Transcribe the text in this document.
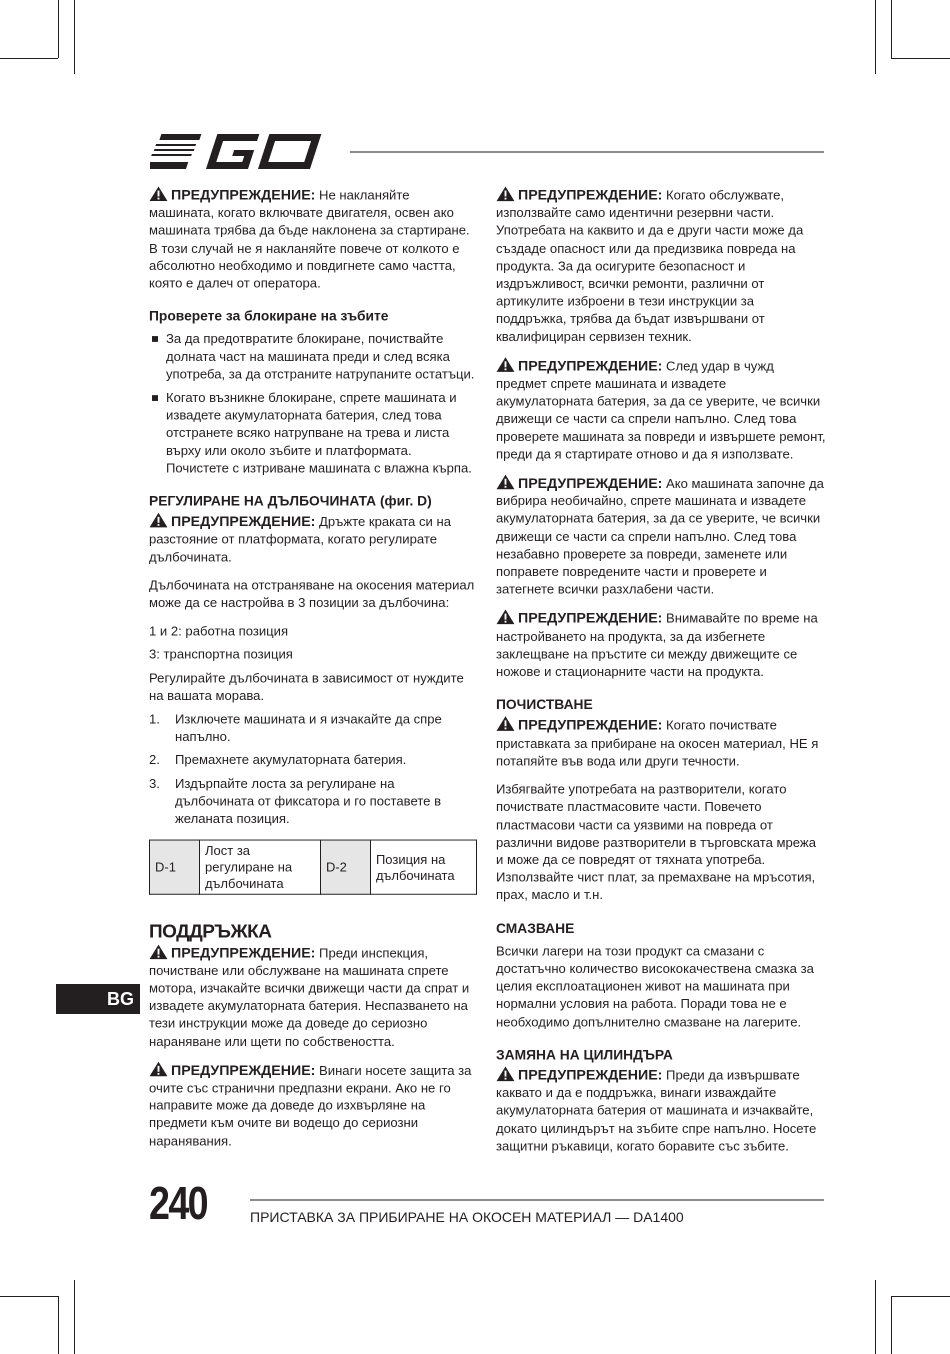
ПРЕДУПРЕЖДЕНИЕ: Не накланяйте машината, когато включвате двигателя, освен ако машината трябва да бъде наклонена за стартиране. В този случай не я накланяйте повече от колкото е абсолютно необходимо и повдигнете само частта, която е далеч от оператора.

Проверете за блокиране на зъбите
За да предотвратите блокиране, почиствайте долната част на машината преди и след всяка употреба, за да отстраните натрупаните остатъци.
Когато възникне блокиране, спрете машината и извадете акумулаторната батерия, след това отстранете всяко натрупване на трева и листа върху или около зъбите и платформата. Почистете с изтриване машината с влажна кърпа.
РЕГУЛИРАНЕ НА ДЪЛБОЧИНАТА (фиг. D)

ПРЕДУПРЕЖДЕНИЕ: Дръжте краката си на разстояние от платформата, когато регулирате дълбочината.

Дълбочината на отстраняване на окосения материал може да се настройва в 3 позиции за дълбочина:

1 и 2: работна позиция

3: транспортна позиция

Регулирайте дълбочината в зависимост от нуждите на вашата морава.

1. Изключете машината и я изчакайте да спре напълно.
2. Премахнете акумулаторната батерия.
3. Издърпайте лоста за регулиране на дълбочината от фиксатора и го поставете в желаната позиция.
D-1	Лост за регулиране на дълбочината	D-2	Позиция на дълбочината
ПОДДРЪЖКА

ПРЕДУПРЕЖДЕНИЕ: Преди инспекция, почистване или обслужване на машината спрете мотора, изчакайте всички движещи части да спрат и извадете акумулаторната батерия. Неспазването на тези инструкции може да доведе до сериозно нараняване или щети по собствеността.

ПРЕДУПРЕЖДЕНИЕ: Винаги носете защита за очите със странични предпазни екрани. Ако не го направите може да доведе до изхвърляне на предмети към очите ви водещо до сериозни наранявания.

ПРЕДУПРЕЖДЕНИЕ: Когато обслужвате, използвайте само идентични резервни части. Употребата на каквито и да е други части може да създаде опасност или да предизвика повреда на продукта. За да осигурите безопасност и издръжливост, всички ремонти, различни от артикулите изброени в тези инструкции за поддръжка, трябва да бъдат извършвани от квалифициран сервизен техник.

ПРЕДУПРЕЖДЕНИЕ: След удар в чужд предмет спрете машината и извадете акумулаторната батерия, за да се уверите, че всички движещи се части са спрели напълно. След това проверете машината за повреди и извършете ремонт, преди да я стартирате отново и да я използвате.

ПРЕДУПРЕЖДЕНИЕ: Ако машината започне да вибрира необичайно, спрете машината и извадете акумулаторната батерия, за да се уверите, че всички движещи се части са спрели напълно. След това незабавно проверете за повреди, заменете или поправете повредените части и проверете и затегнете всички разхлабени части.

ПРЕДУПРЕЖДЕНИЕ: Внимавайте по време на настройването на продукта, за да избегнете заклещване на пръстите си между движещите се ножове и стационарните части на продукта.

ПОЧИСТВАНЕ

ПРЕДУПРЕЖДЕНИЕ: Когато почиствате приставката за прибиране на окосен материал, НЕ я потапяйте във вода или други течности.

Избягвайте употребата на разтворители, когато почиствате пластмасовите части. Повечето пластмасови части са уязвими на повреда от различни видове разтворители в търговската мрежа и може да се повредят от тяхната употреба. Използвайте чист плат, за премахване на мръсотия, прах, масло и т.н.

СМАЗВАНЕ

Всички лагери на този продукт са смазани с достатъчно количество висококачествена смазка за целия експлоатационен живот на машината при нормални условия на работа. Поради това не е необходимо допълнително смазване на лагерите.

ЗАМЯНА НА ЦИЛИНДЪРА

ПРЕДУПРЕЖДЕНИЕ: Преди да извършвате каквато и да е поддръжка, винаги изваждайте акумулаторната батерия от машината и изчаквайте, докато цилиндърът на зъбите спре напълно. Носете защитни ръкавици, когато боравите със зъбите.

BG
240	ПРИСТАВКА ЗА ПРИБИРАНЕ НА ОКОСЕН МАТЕРИАЛ — DA1400
